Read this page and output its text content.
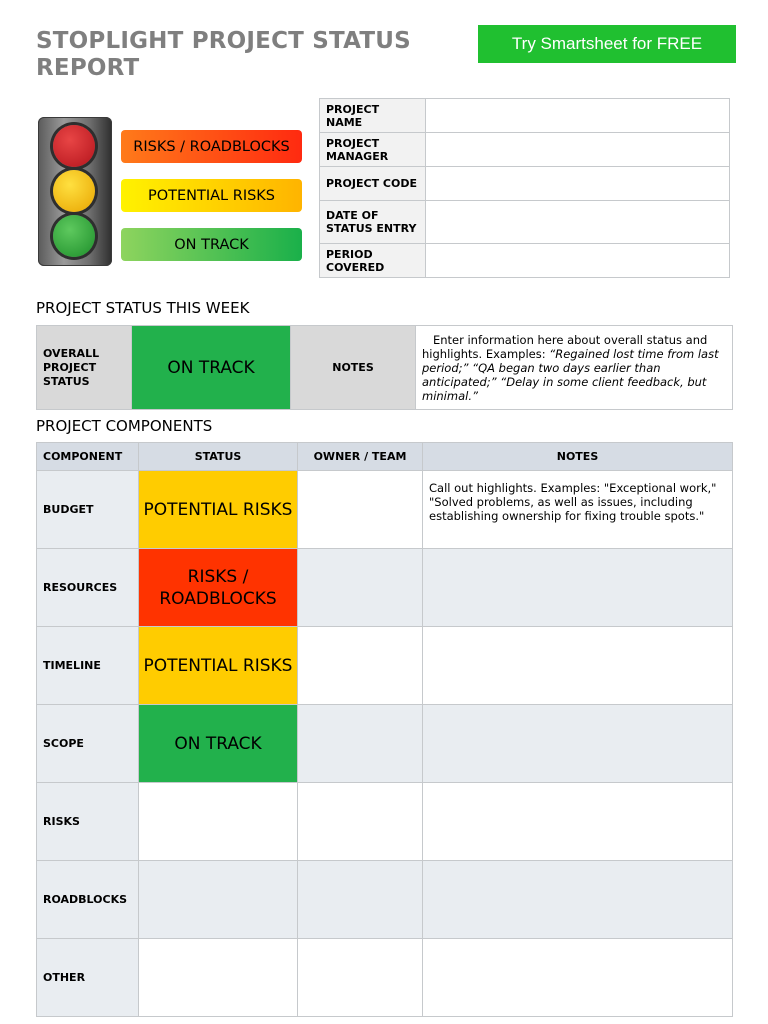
STOPLIGHT PROJECT STATUS REPORT
Try Smartsheet for FREE
RISKS / ROADBLOCKS
POTENTIAL RISKS
ON TRACK
PROJECT NAME	
PROJECT MANAGER	
PROJECT CODE	
DATE OF STATUS ENTRY	
PERIOD COVERED	
PROJECT STATUS THIS WEEK
OVERALL PROJECT STATUS	ON TRACK	NOTES	Enter information here about overall status and highlights. Examples: “Regained lost time from last period;” “QA began two days earlier than anticipated;” “Delay in some client feedback, but minimal.”
PROJECT COMPONENTS
COMPONENT	STATUS	OWNER / TEAM	NOTES
BUDGET	POTENTIAL RISKS		Call out highlights. Examples: "Exceptional work," "Solved problems, as well as issues, including establishing ownership for fixing trouble spots."
RESOURCES	RISKS / ROADBLOCKS		
TIMELINE	POTENTIAL RISKS		
SCOPE	ON TRACK		
RISKS			
ROADBLOCKS			
OTHER			
